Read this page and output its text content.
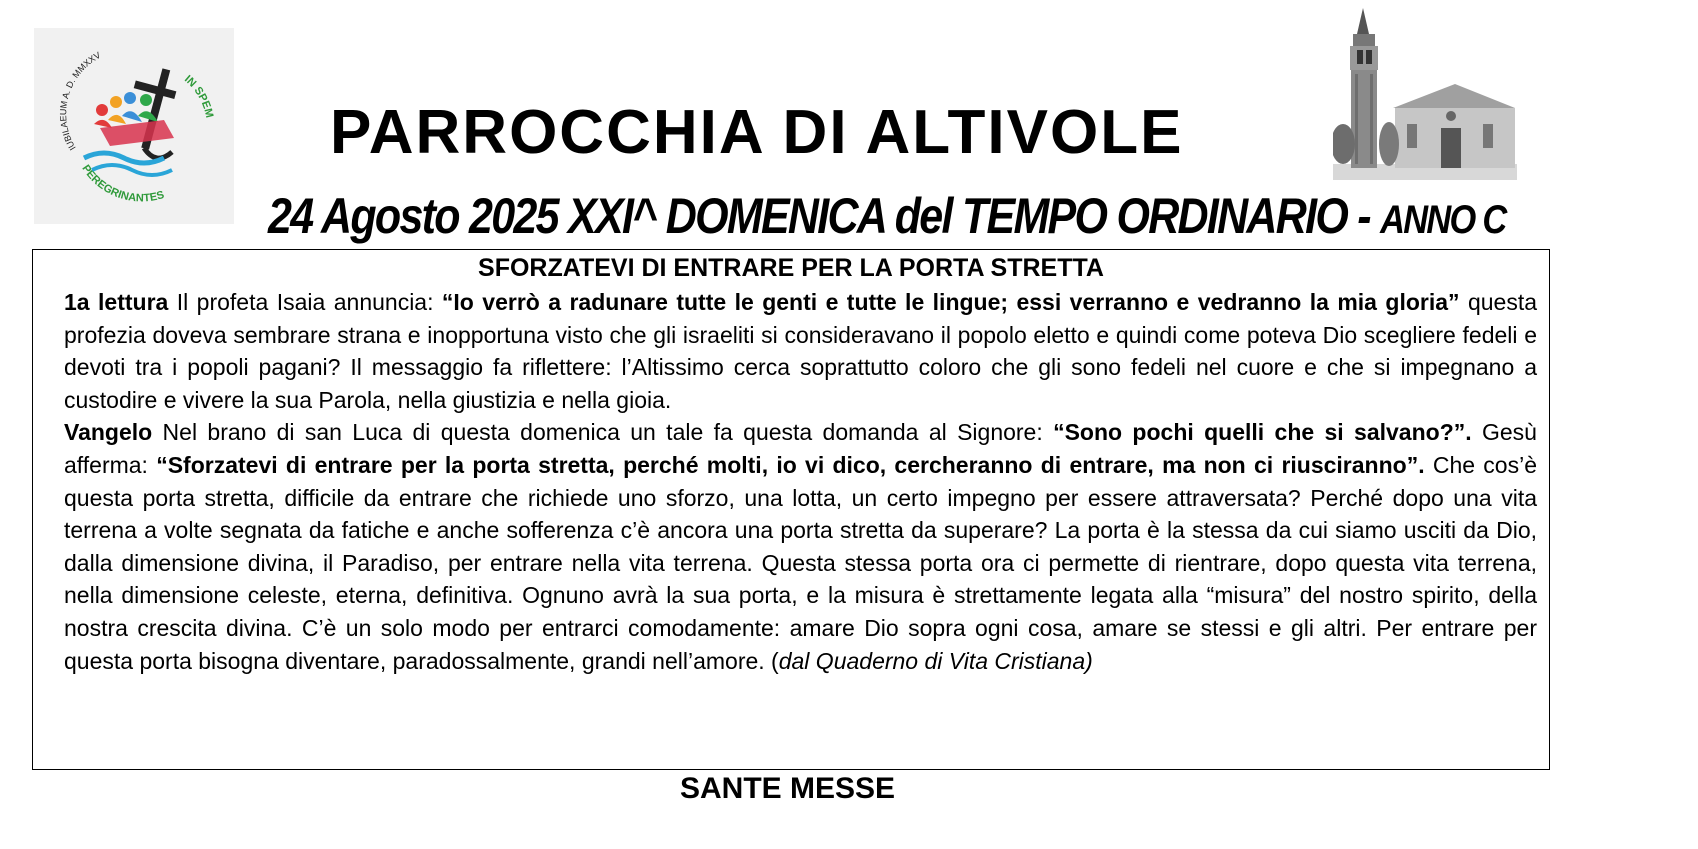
IUBILAEUM A. D. MMXXV
IN SPEM
PEREGRINANTES
PARROCCHIA DI ALTIVOLE
24 Agosto 2025 XXI^ DOMENICA del TEMPO ORDINARIO - ANNO C
SFORZATEVI DI ENTRARE PER LA PORTA STRETTA

1a lettura Il profeta Isaia annuncia: “Io verrò a radunare tutte le genti e tutte le lingue; essi verranno e vedranno la mia gloria” questa profezia doveva sembrare strana e inopportuna visto che gli israeliti si consideravano il popolo eletto e quindi come poteva Dio scegliere fedeli e devoti tra i popoli pagani? Il messaggio fa riflettere: l’Altissimo cerca soprattutto coloro che gli sono fedeli nel cuore e che si impegnano a custodire e vivere la sua Parola, nella giustizia e nella gioia.

Vangelo Nel brano di san Luca di questa domenica un tale fa questa domanda al Signore: “Sono pochi quelli che si salvano?”. Gesù afferma: “Sforzatevi di entrare per la porta stretta, perché molti, io vi dico, cercheranno di entrare, ma non ci riusciranno”. Che cos’è questa porta stretta, difficile da entrare che richiede uno sforzo, una lotta, un certo impegno per essere attraversata? Perché dopo una vita terrena a volte segnata da fatiche e anche sofferenza c’è ancora una porta stretta da superare? La porta è la stessa da cui siamo usciti da Dio, dalla dimensione divina, il Paradiso, per entrare nella vita terrena. Questa stessa porta ora ci permette di rientrare, dopo questa vita terrena, nella dimensione celeste, eterna, definitiva. Ognuno avrà la sua porta, e la misura è strettamente legata alla “misura” del nostro spirito, della nostra crescita divina. C’è un solo modo per entrarci comodamente: amare Dio sopra ogni cosa, amare se stessi e gli altri. Per entrare per questa porta bisogna diventare, paradossalmente, grandi nell’amore. (dal Quaderno di Vita Cristiana)

SANTE MESSE
